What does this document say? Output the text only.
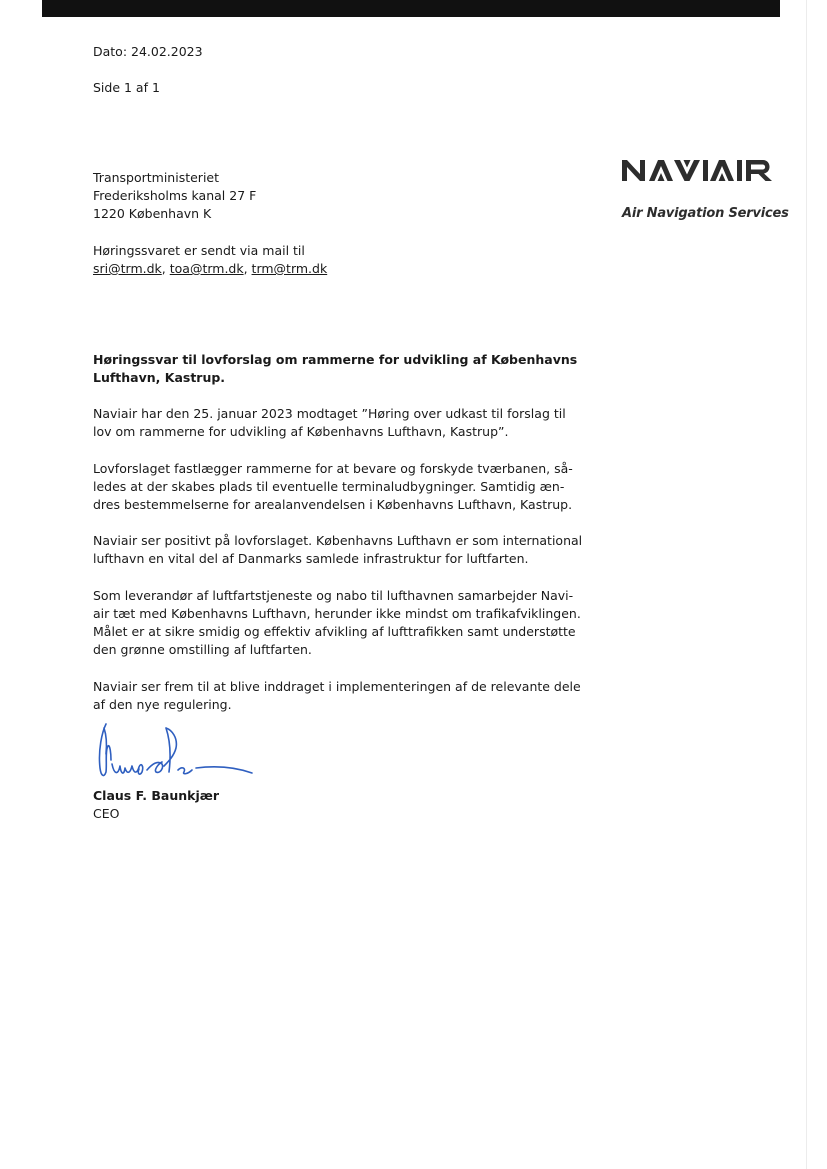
Dato: 24.02.2023
Side 1 af 1
Transportministeriet
Frederiksholms kanal 27 F
1220 København K
Høringssvaret er sendt via mail til
sri@trm.dk, toa@trm.dk, trm@trm.dk
Air Navigation Services
Høringssvar til lovforslag om rammerne for udvikling af Københavns
Lufthavn, Kastrup.
Naviair har den 25. januar 2023 modtaget ”Høring over udkast til forslag til
lov om rammerne for udvikling af Københavns Lufthavn, Kastrup”.
Lovforslaget fastlægger rammerne for at bevare og forskyde tværbanen, så-
ledes at der skabes plads til eventuelle terminaludbygninger. Samtidig æn-
dres bestemmelserne for arealanvendelsen i Københavns Lufthavn, Kastrup.
Naviair ser positivt på lovforslaget. Københavns Lufthavn er som international
lufthavn en vital del af Danmarks samlede infrastruktur for luftfarten.
Som leverandør af luftfartstjeneste og nabo til lufthavnen samarbejder Navi-
air tæt med Københavns Lufthavn, herunder ikke mindst om trafikafviklingen.
Målet er at sikre smidig og effektiv afvikling af lufttrafikken samt understøtte
den grønne omstilling af luftfarten.
Naviair ser frem til at blive inddraget i implementeringen af de relevante dele
af den nye regulering.
Claus F. Baunkjær
CEO
